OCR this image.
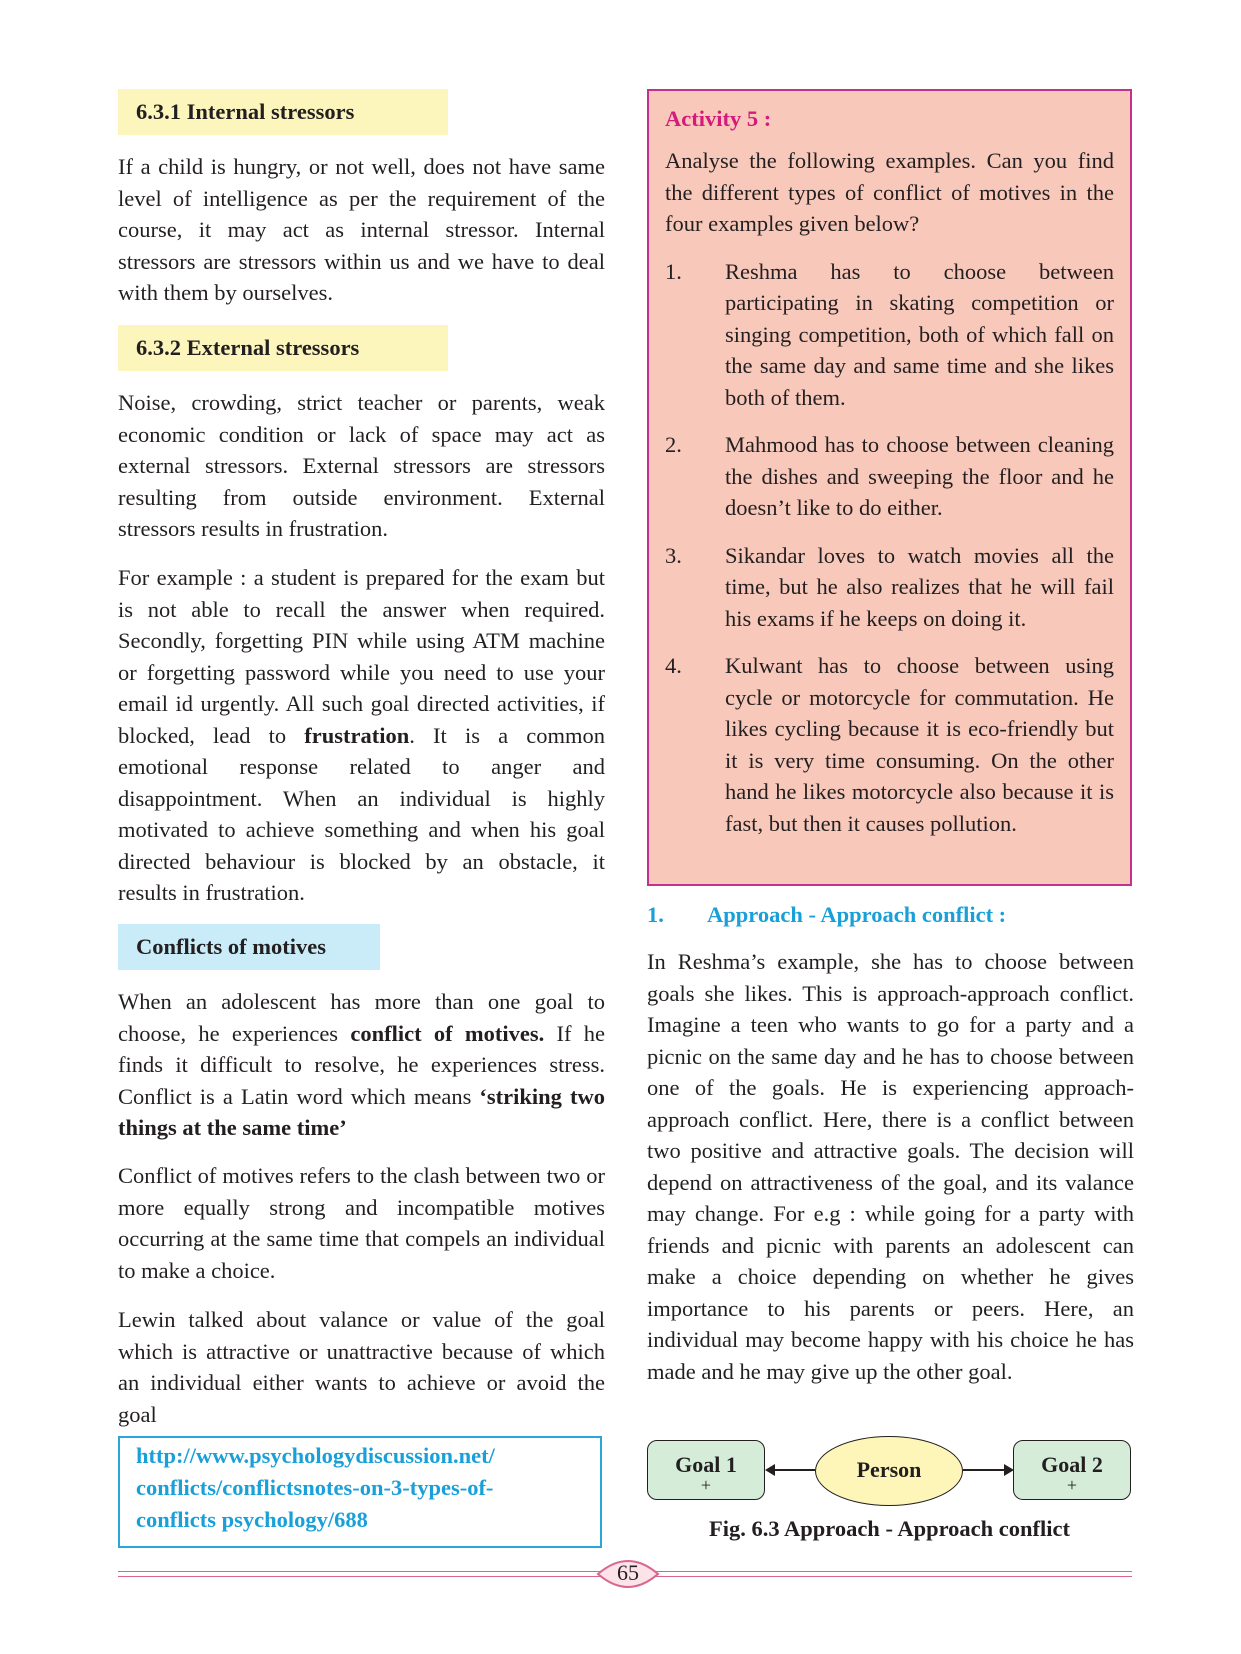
6.3.1 Internal stressors

If a child is hungry, or not well, does not have same level of intelligence as per the requirement of the course, it may act as internal stressor. Internal stressors are stressors within us and we have to deal with them by ourselves.

6.3.2 External stressors

Noise, crowding, strict teacher or parents, weak economic condition or lack of space may act as external stressors. External stressors are stressors resulting from outside environment. External stressors results in frustration.

For example : a student is prepared for the exam but is not able to recall the answer when required. Secondly, forgetting PIN while using ATM machine or forgetting password while you need to use your email id urgently. All such goal directed activities, if blocked, lead to frustration. It is a common emotional response related to anger and disappointment. When an individual is highly motivated to achieve something and when his goal directed behaviour is blocked by an obstacle, it results in frustration.

Conflicts of motives

When an adolescent has more than one goal to choose, he experiences conflict of motives. If he finds it difficult to resolve, he experiences stress. Conflict is a Latin word which means ‘striking two things at the same time’

Conflict of motives refers to the clash between two or more equally strong and incompatible motives occurring at the same time that compels an individual to make a choice.

Lewin talked about valance or value of the goal which is attractive or unattractive because of which an individual either wants to achieve or avoid the goal

http://www.psychologydiscussion.net/
conflicts/conflictsnotes-on-3-types-of-
conflicts psychology/688
Activity 5 :

Analyse the following examples. Can you find the different types of conflict of motives in the four examples given below?

1.	Reshma has to choose between participating in skating competition or singing competition, both of which fall on the same day and same time and she likes both of them.

2.	Mahmood has to choose between cleaning the dishes and sweeping the floor and he doesn’t like to do either.

3.	Sikandar loves to watch movies all the time, but he also realizes that he will fail his exams if he keeps on doing it.

4.	Kulwant has to choose between using cycle or motorcycle for commutation. He likes cycling because it is eco-friendly but it is very time consuming. On the other hand he likes motorcycle also because it is fast, but then it causes pollution.

1.	Approach - Approach conflict :

In Reshma’s example, she has to choose between goals she likes. This is approach-approach conflict. Imagine a teen who wants to go for a party and a picnic on the same day and he has to choose between one of the goals. He is experiencing approach- approach conflict. Here, there is a conflict between two positive and attractive goals. The decision will depend on attractiveness of the goal, and its valance may change. For e.g : while going for a party with friends and picnic with parents an adolescent can make a choice depending on whether he gives importance to his parents or peers. Here, an individual may become happy with his choice he has made and he may give up the other goal.

Goal 1
+
Person	Goal 2
+
Fig. 6.3 Approach - Approach conflict
65
